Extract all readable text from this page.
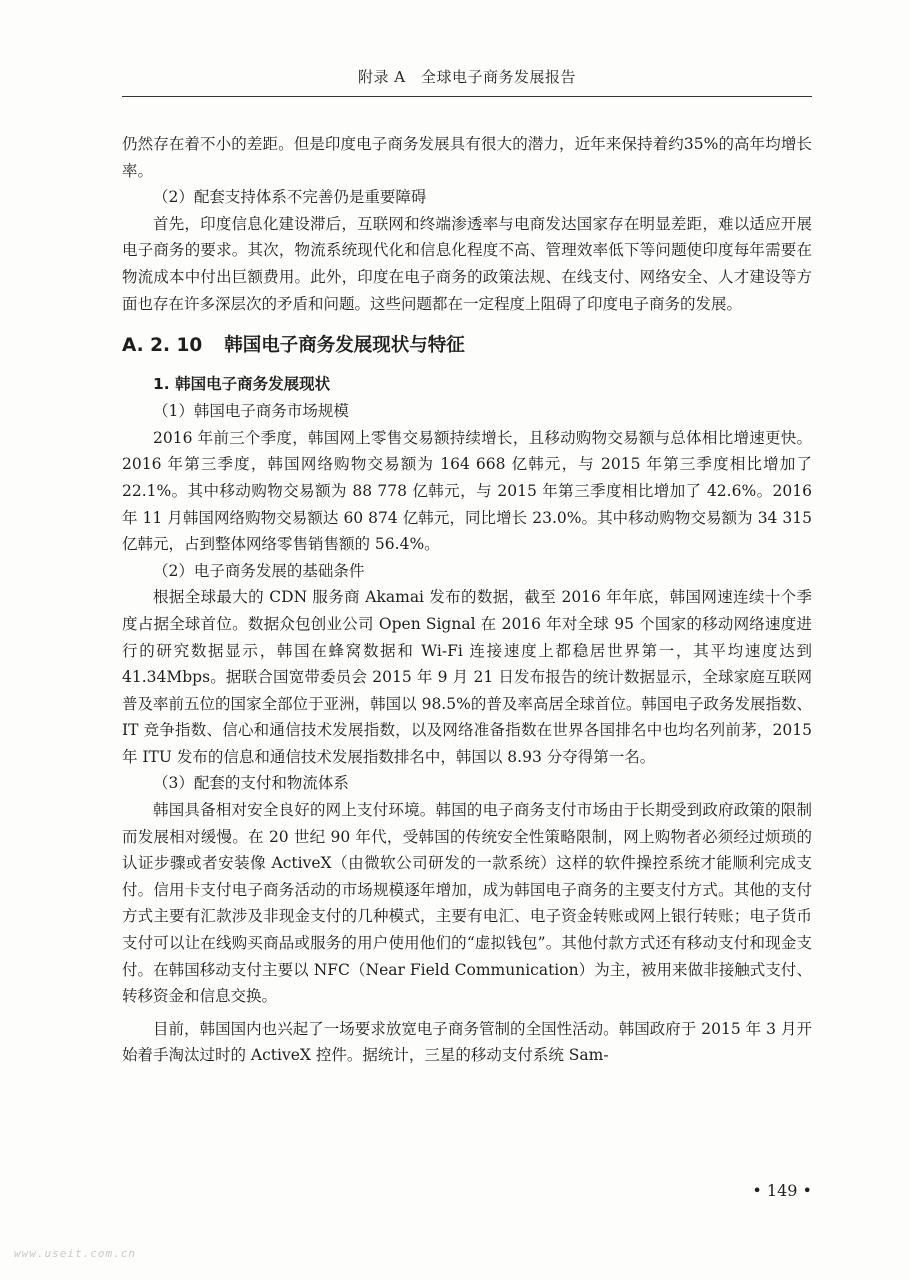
附录 A　全球电子商务发展报告

仍然存在着不小的差距。但是印度电子商务发展具有很大的潜力，近年来保持着约35%的高年均增长率。

（2）配套支持体系不完善仍是重要障碍

首先，印度信息化建设滞后，互联网和终端渗透率与电商发达国家存在明显差距，难以适应开展电子商务的要求。其次，物流系统现代化和信息化程度不高、管理效率低下等问题使印度每年需要在物流成本中付出巨额费用。此外，印度在电子商务的政策法规、在线支付、网络安全、人才建设等方面也存在许多深层次的矛盾和问题。这些问题都在一定程度上阻碍了印度电子商务的发展。

A. 2. 10 韩国电子商务发展现状与特征
1. 韩国电子商务发展现状

（1）韩国电子商务市场规模

2016 年前三个季度，韩国网上零售交易额持续增长，且移动购物交易额与总体相比增速更快。2016 年第三季度，韩国网络购物交易额为 164 668 亿韩元，与 2015 年第三季度相比增加了 22.1%。其中移动购物交易额为 88 778 亿韩元，与 2015 年第三季度相比增加了 42.6%。2016 年 11 月韩国网络购物交易额达 60 874 亿韩元，同比增长 23.0%。其中移动购物交易额为 34 315 亿韩元，占到整体网络零售销售额的 56.4%。

（2）电子商务发展的基础条件

根据全球最大的 CDN 服务商 Akamai 发布的数据，截至 2016 年年底，韩国网速连续十个季度占据全球首位。数据众包创业公司 Open Signal 在 2016 年对全球 95 个国家的移动网络速度进行的研究数据显示，韩国在蜂窝数据和 Wi-Fi 连接速度上都稳居世界第一，其平均速度达到 41.34Mbps。据联合国宽带委员会 2015 年 9 月 21 日发布报告的统计数据显示，全球家庭互联网普及率前五位的国家全部位于亚洲，韩国以 98.5%的普及率高居全球首位。韩国电子政务发展指数、IT 竞争指数、信心和通信技术发展指数，以及网络准备指数在世界各国排名中也均名列前茅，2015 年 ITU 发布的信息和通信技术发展指数排名中，韩国以 8.93 分夺得第一名。

（3）配套的支付和物流体系

韩国具备相对安全良好的网上支付环境。韩国的电子商务支付市场由于长期受到政府政策的限制而发展相对缓慢。在 20 世纪 90 年代，受韩国的传统安全性策略限制，网上购物者必须经过烦琐的认证步骤或者安装像 ActiveX（由微软公司研发的一款系统）这样的软件操控系统才能顺利完成支付。信用卡支付电子商务活动的市场规模逐年增加，成为韩国电子商务的主要支付方式。其他的支付方式主要有汇款涉及非现金支付的几种模式，主要有电汇、电子资金转账或网上银行转账；电子货币支付可以让在线购买商品或服务的用户使用他们的“虚拟钱包”。其他付款方式还有移动支付和现金支付。在韩国移动支付主要以 NFC（Near Field Communication）为主，被用来做非接触式支付、转移资金和信息交换。

目前，韩国国内也兴起了一场要求放宽电子商务管制的全国性活动。韩国政府于 2015 年 3 月开始着手淘汰过时的 ActiveX 控件。据统计，三星的移动支付系统 Sam-

• 149 •
www.useit.com.cn
